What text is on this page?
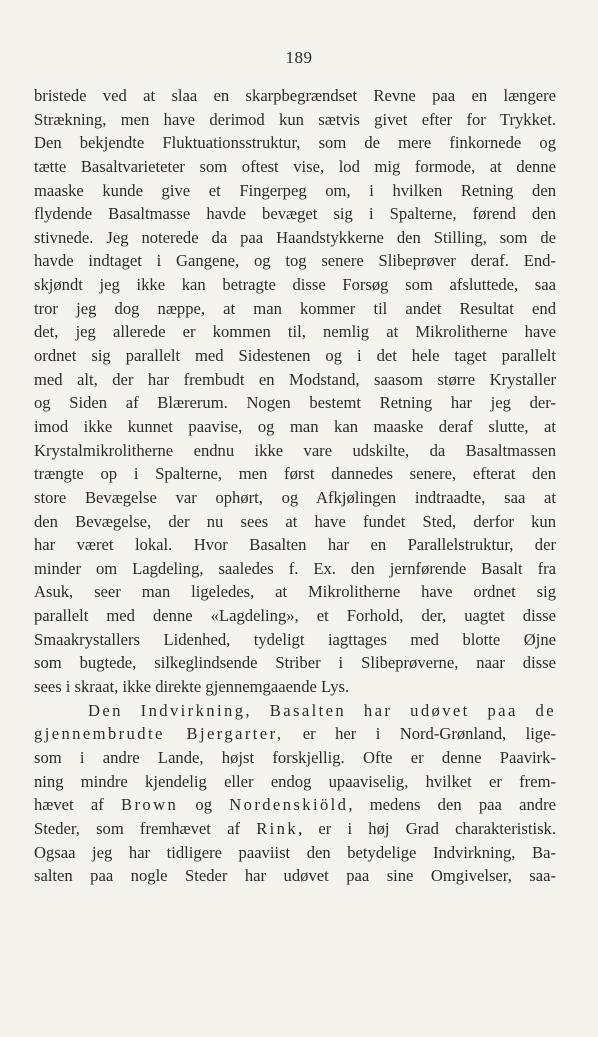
189
bristede ved at slaa en skarpbegrændset Revne paa en længere
Strækning, men have derimod kun sætvis givet efter for Trykket.
Den bekjendte Fluktuationsstruktur, som de mere finkornede og
tætte Basaltvarieteter som oftest vise, lod mig formode, at denne
maaske kunde give et Fingerpeg om, i hvilken Retning den
flydende Basaltmasse havde bevæget sig i Spalterne, førend den
stivnede. Jeg noterede da paa Haandstykkerne den Stilling, som de
havde indtaget i Gangene, og tog senere Slibeprøver deraf. End-
skjøndt jeg ikke kan betragte disse Forsøg som afsluttede, saa
tror jeg dog næppe, at man kommer til andet Resultat end
det, jeg allerede er kommen til, nemlig at Mikrolitherne have
ordnet sig parallelt med Sidestenen og i det hele taget parallelt
med alt, der har frembudt en Modstand, saasom større Krystaller
og Siden af Blærerum. Nogen bestemt Retning har jeg der-
imod ikke kunnet paavise, og man kan maaske deraf slutte, at
Krystalmikrolitherne endnu ikke vare udskilte, da Basaltmassen
trængte op i Spalterne, men først dannedes senere, efterat den
store Bevægelse var ophørt, og Afkjølingen indtraadte, saa at
den Bevægelse, der nu sees at have fundet Sted, derfor kun
har været lokal. Hvor Basalten har en Parallelstruktur, der
minder om Lagdeling, saaledes f. Ex. den jernførende Basalt fra
Asuk, seer man ligeledes, at Mikrolitherne have ordnet sig
parallelt med denne «Lagdeling», et Forhold, der, uagtet disse
Smaakrystallers Lidenhed, tydeligt iagttages med blotte Øjne
som bugtede, silkeglindsende Striber i Slibeprøverne, naar disse
sees i skraat, ikke direkte gjennemgaaende Lys.
Den Indvirkning, Basalten har udøvet paa de
gjennembrudte Bjergarter, er her i Nord-Grønland, lige-
som i andre Lande, højst forskjellig. Ofte er denne Paavirk-
ning mindre kjendelig eller endog upaaviselig, hvilket er frem-
hævet af Brown og Nordenskiöld, medens den paa andre
Steder, som fremhævet af Rink, er i høj Grad charakteristisk.
Ogsaa jeg har tidligere paaviist den betydelige Indvirkning, Ba-
salten paa nogle Steder har udøvet paa sine Omgivelser, saa-
